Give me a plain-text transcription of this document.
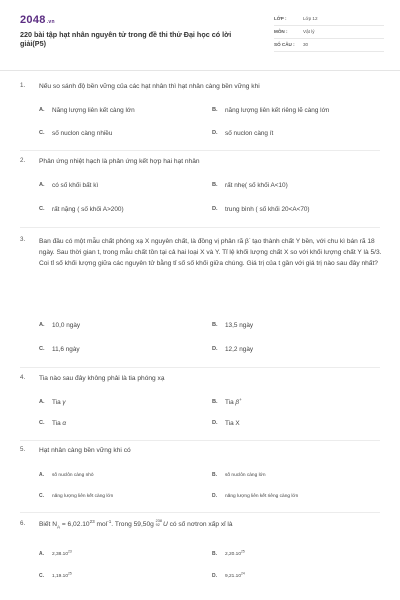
2048.vn
220 bài tập hạt nhân nguyên tử trong đề thi thử Đại học có lời giải(P5)
LỚP :	Lớp 12
MÔN :	Vật lý
SỐ CÂU :	30
1. Nếu so sánh độ bền vững của các hạt nhân thì hạt nhân càng bền vững khi
A.	Năng lượng liên kết càng lớn	B.	năng lượng liên kết riêng lẽ càng lớn
C.	số nuclon càng nhiều	D.	số nuclon càng ít
2. Phản ứng nhiệt hạch là phản ứng kết hợp hai hạt nhân
A.	có số khối bất kì	B.	rất nhẹ( số khối A<10)
C.	rất nặng ( số khối A>200)	D.	trung bình ( số khối 20<A<70)
3. Ban đầu có một mẫu chất phóng xạ X nguyên chất, là đồng vị phân rã β- tạo thành chất Y bền, với chu kì bán rã 18 ngày. Sau thời gian t, trong mẫu chất tồn tại cả hai loại X và Y. Tỉ lệ khối lượng chất X so với khối lượng chất Y là 5/3. Coi tỉ số khối lượng giữa các nguyên tử bằng tỉ số số khối giữa chúng. Giá trị của t gần với giá trị nào sau đây nhất?
A.	10,0 ngày	B.	13,5 ngày
C.	11,6 ngày	D.	12,2 ngày
4. Tia nào sau đây không phải là tia phóng xạ
A.	Tia γ	B.	Tia β+
C.	Tia α	D.	Tia X
5. Hạt nhân càng bền vững khi có
A.	số nuclôn càng nhỏ	B.	số nuclôn càng lớn
C.	năng lượng liên kết càng lớn	D.	năng lượng liên kết riêng càng lớn
6. Biết $N_A = 6,02.10^{23}$ mol$^{-1}$. Trong 59,50g 238
92 U có số nơtron xấp xỉ là
A.	2,38.10$^{23}$	B.	2,20.10$^{25}$
C.	1,19.10$^{25}$	D.	9,21.10$^{24}$
